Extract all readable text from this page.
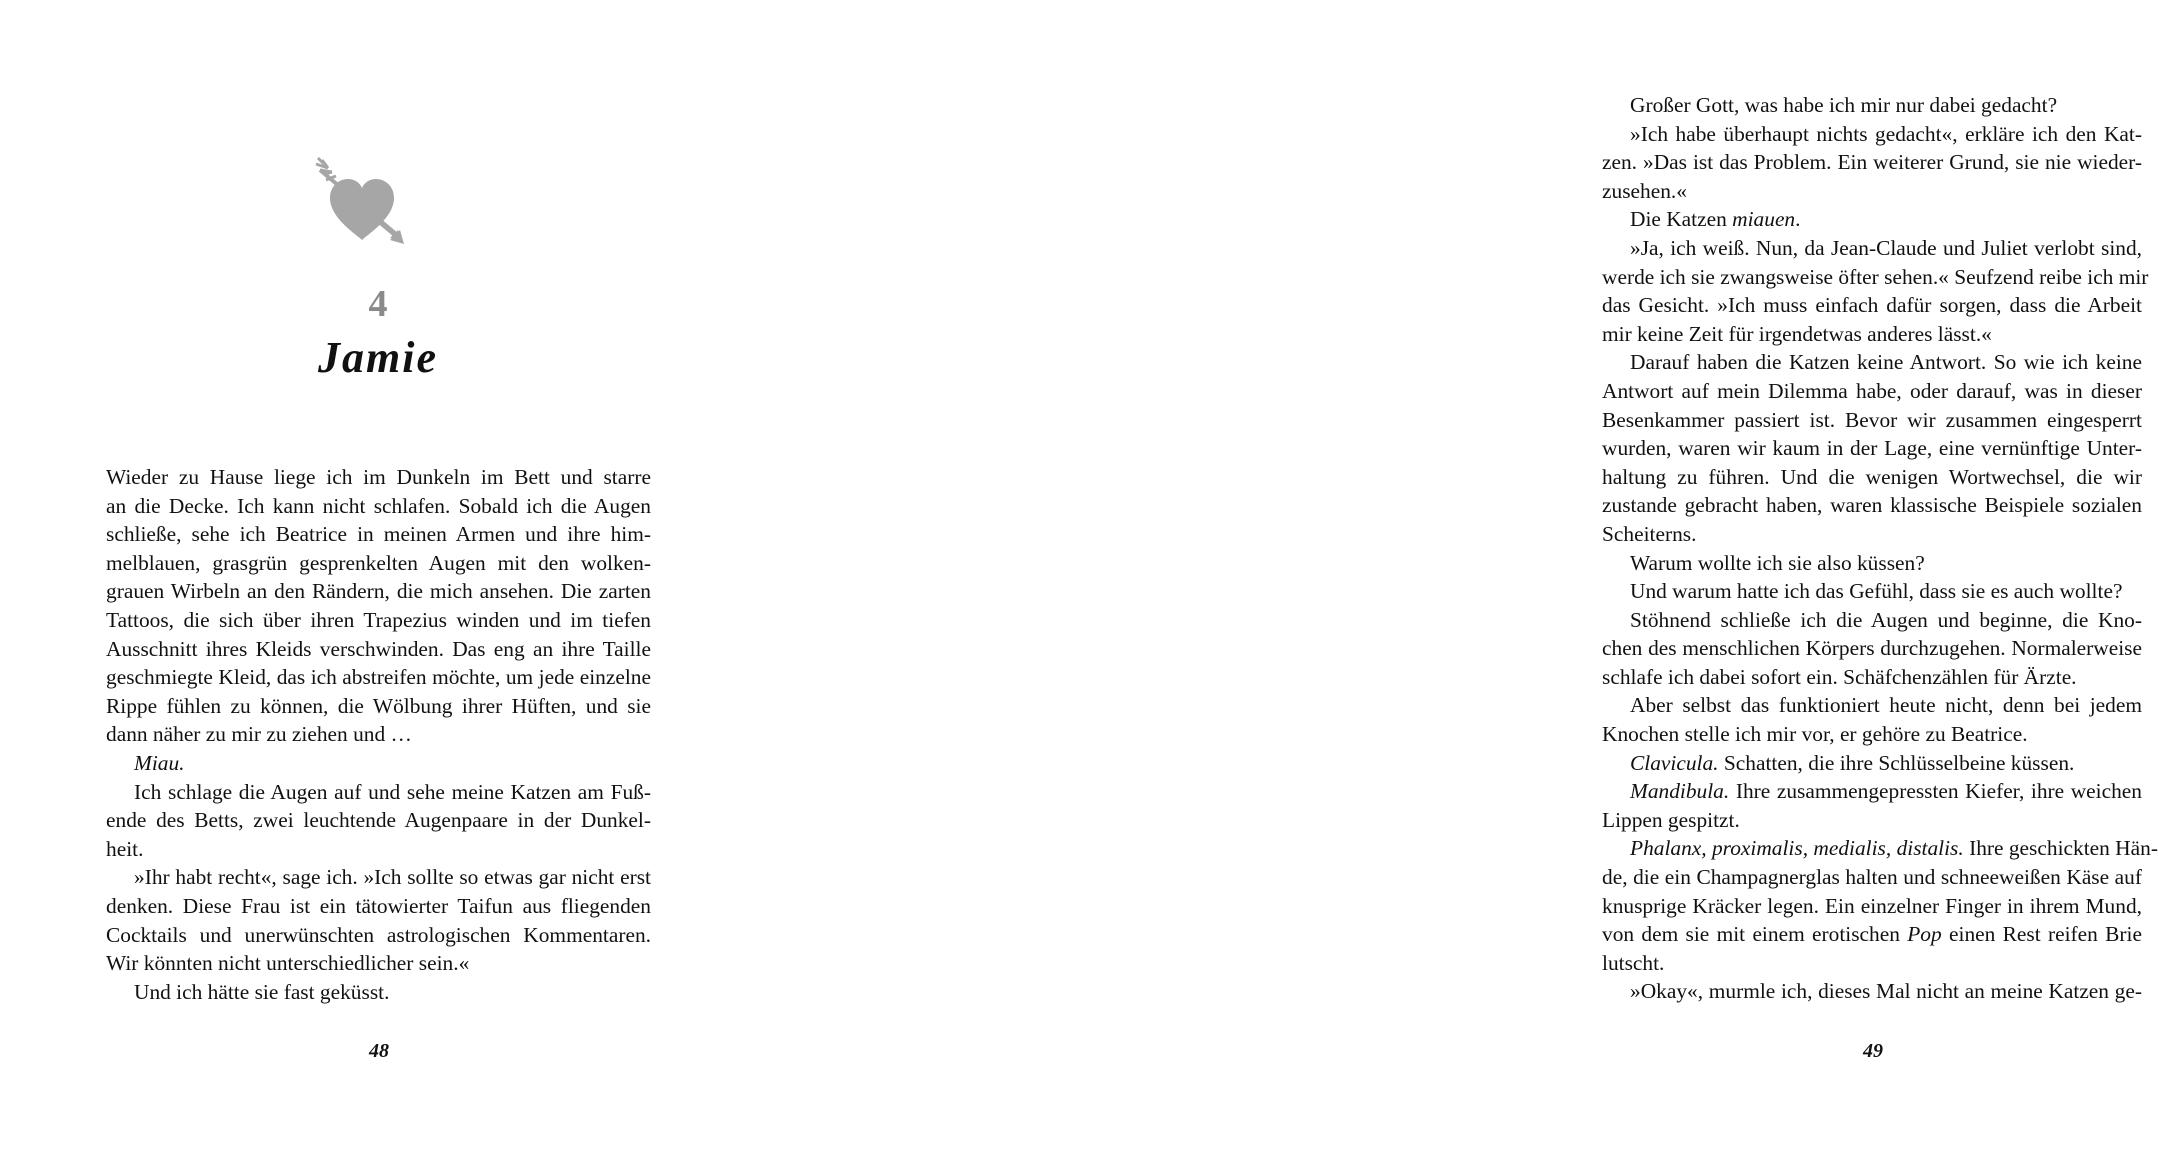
4
Jamie
Wieder zu Hause liege ich im Dunkeln im Bett und starre
an die Decke. Ich kann nicht schlafen. Sobald ich die Augen
schließe, sehe ich Beatrice in meinen Armen und ihre him-
melblauen, grasgrün gesprenkelten Augen mit den wolken-
grauen Wirbeln an den Rändern, die mich ansehen. Die zarten
Tattoos, die sich über ihren Trapezius winden und im tiefen
Ausschnitt ihres Kleids verschwinden. Das eng an ihre Taille
geschmiegte Kleid, das ich abstreifen möchte, um jede einzelne
Rippe fühlen zu können, die Wölbung ihrer Hüften, und sie
dann näher zu mir zu ziehen und …
Miau.
Ich schlage die Augen auf und sehe meine Katzen am Fuß-
ende des Betts, zwei leuchtende Augenpaare in der Dunkel-
heit.
»Ihr habt recht«, sage ich. »Ich sollte so etwas gar nicht erst
denken. Diese Frau ist ein tätowierter Taifun aus fliegenden
Cocktails und unerwünschten astrologischen Kommentaren.
Wir könnten nicht unterschiedlicher sein.«
Und ich hätte sie fast geküsst.
48
Großer Gott, was habe ich mir nur dabei gedacht?
»Ich habe überhaupt nichts gedacht«, erkläre ich den Kat-
zen. »Das ist das Problem. Ein weiterer Grund, sie nie wieder-
zusehen.«
Die Katzen miauen.
»Ja, ich weiß. Nun, da Jean-Claude und Juliet verlobt sind,
werde ich sie zwangsweise öfter sehen.« Seufzend reibe ich mir
das Gesicht. »Ich muss einfach dafür sorgen, dass die Arbeit
mir keine Zeit für irgendetwas anderes lässt.«
Darauf haben die Katzen keine Antwort. So wie ich keine
Antwort auf mein Dilemma habe, oder darauf, was in dieser
Besenkammer passiert ist. Bevor wir zusammen eingesperrt
wurden, waren wir kaum in der Lage, eine vernünftige Unter-
haltung zu führen. Und die wenigen Wortwechsel, die wir
zustande gebracht haben, waren klassische Beispiele sozialen
Scheiterns.
Warum wollte ich sie also küssen?
Und warum hatte ich das Gefühl, dass sie es auch wollte?
Stöhnend schließe ich die Augen und beginne, die Kno-
chen des menschlichen Körpers durchzugehen. Normalerweise
schlafe ich dabei sofort ein. Schäfchenzählen für Ärzte.
Aber selbst das funktioniert heute nicht, denn bei jedem
Knochen stelle ich mir vor, er gehöre zu Beatrice.
Clavicula. Schatten, die ihre Schlüsselbeine küssen.
Mandibula. Ihre zusammengepressten Kiefer, ihre weichen
Lippen gespitzt.
Phalanx, proximalis, medialis, distalis. Ihre geschickten Hän-
de, die ein Champagnerglas halten und schneeweißen Käse auf
knusprige Kräcker legen. Ein einzelner Finger in ihrem Mund,
von dem sie mit einem erotischen Pop einen Rest reifen Brie
lutscht.
»Okay«, murmle ich, dieses Mal nicht an meine Katzen ge-
49
